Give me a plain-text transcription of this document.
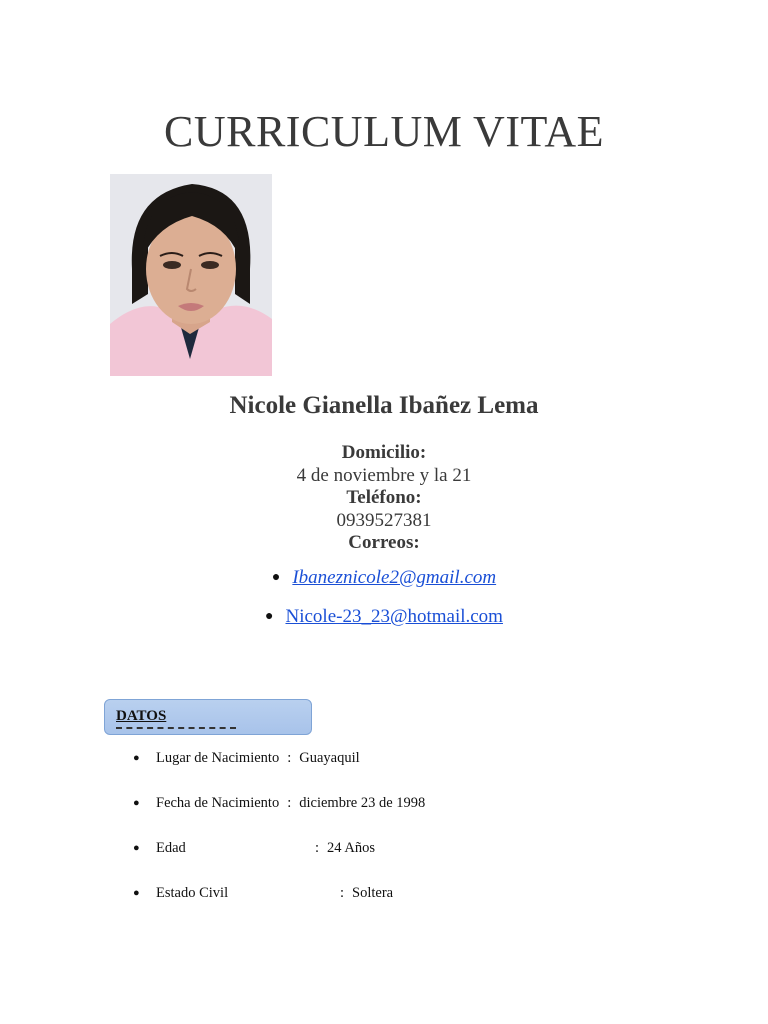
CURRICULUM VITAE
Nicole Gianella Ibañez Lema
Domicilio:
4 de noviembre y la 21
Teléfono:
0939527381
Correos:
● Ibaneznicole2@gmail.com
● Nicole-23_23@hotmail.com
DATOS
● Lugar de Nacimiento : Guayaquil
● Fecha de Nacimiento : diciembre 23 de 1998
● Edad	: 24 Años
● Estado Civil	: Soltera
